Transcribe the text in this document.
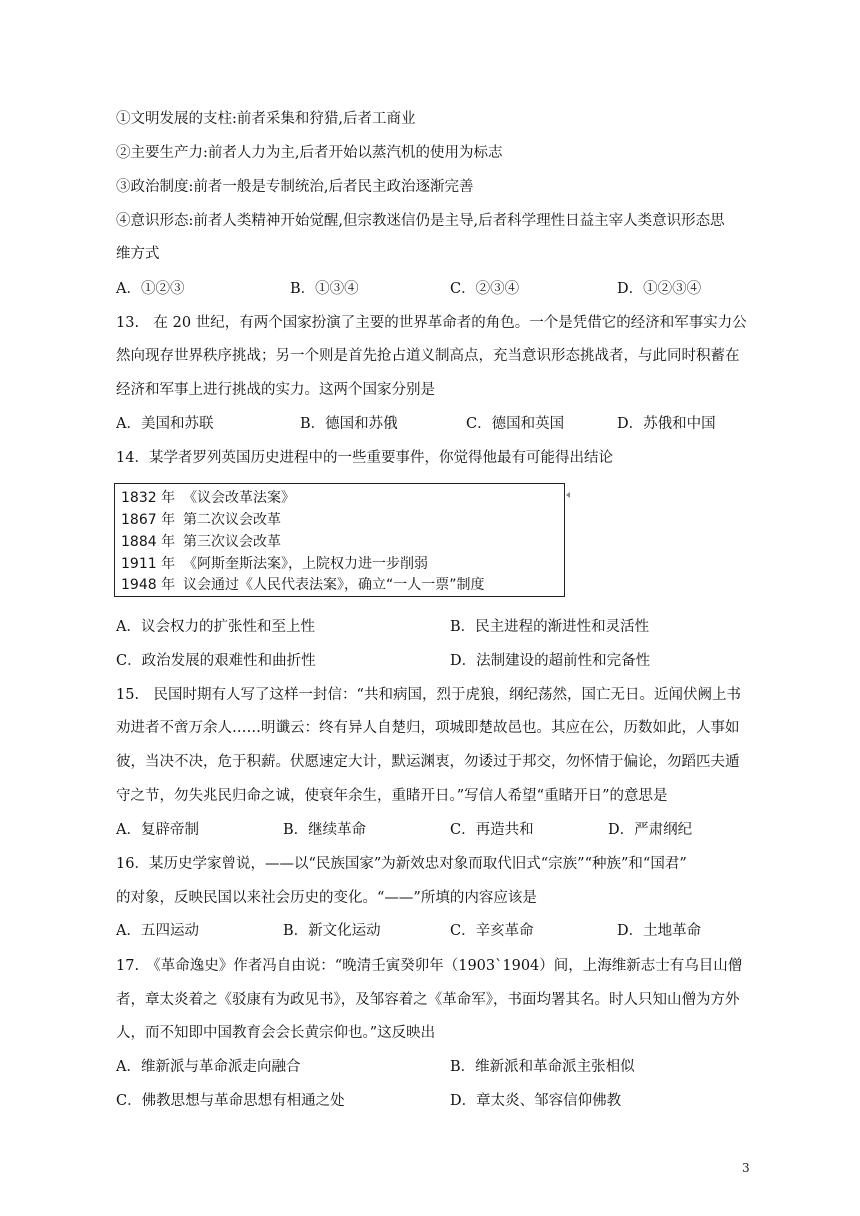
①文明发展的支柱:前者采集和狩猎,后者工商业
②主要生产力:前者人力为主,后者开始以蒸汽机的使用为标志
③政治制度:前者一般是专制统治,后者民主政治逐渐完善
④意识形态:前者人类精神开始觉醒,但宗教迷信仍是主导,后者科学理性日益主宰人类意识形态思
维方式
A．①②③	B．①③④	C．②③④	D．①②③④
13.　在 20 世纪，有两个国家扮演了主要的世界革命者的角色。一个是凭借它的经济和军事实力公
然向现存世界秩序挑战；另一个则是首先抢占道义制高点，充当意识形态挑战者，与此同时积蓄在
经济和军事上进行挑战的实力。这两个国家分别是
A．美国和苏联	B．德国和苏俄	C．德国和英国	D．苏俄和中国
14．某学者罗列英国历史进程中的一些重要事件，你觉得他最有可能得出结论
1832 年 《议会改革法案》
1867 年 第二次议会改革
1884 年 第三次议会改革
1911 年 《阿斯奎斯法案》，上院权力进一步削弱
1948 年 议会通过《人民代表法案》，确立“一人一票”制度
A．议会权力的扩张性和至上性	B．民主进程的渐进性和灵活性
C．政治发展的艰难性和曲折性	D．法制建设的超前性和完备性
15.　民国时期有人写了这样一封信：“共和病国，烈于虎狼，纲纪荡然，国亡无日。近闻伏阙上书
劝进者不啻万余人……明谶云：终有异人自楚归，项城即楚故邑也。其应在公，历数如此，人事如
彼，当决不决，危于积薪。伏愿速定大计，默运渊衷，勿诿过于邦交，勿怀情于偏论，勿蹈匹夫遁
守之节，勿失兆民归命之诚，使衰年余生，重睹开日。”写信人希望“重睹开日”的意思是
A．复辟帝制	B．继续革命	C．再造共和	D．严肃纲纪
16．某历史学家曾说，——以“民族国家”为新效忠对象而取代旧式“宗族”“种族”和“国君”
的对象，反映民国以来社会历史的变化。“——”所填的内容应该是
A．五四运动	B．新文化运动	C．辛亥革命	D．土地革命
17.　《革命逸史》作者冯自由说：“晚清壬寅癸卯年（1903`1904）间，上海维新志士有乌目山僧
者，章太炎着之《驳康有为政见书》，及邹容着之《革命军》，书面均署其名。时人只知山僧为方外
人，而不知即中国教育会会长黄宗仰也。”这反映出
A．维新派与革命派走向融合	B．维新派和革命派主张相似
C．佛教思想与革命思想有相通之处	D．章太炎、邹容信仰佛教
3
